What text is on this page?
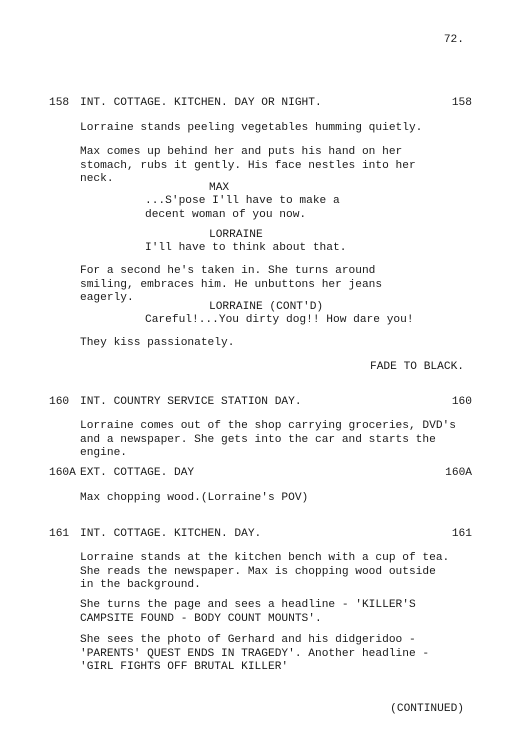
72.
158 INT. COTTAGE. KITCHEN. DAY OR NIGHT.	158
Lorraine stands peeling vegetables humming quietly.
Max comes up behind her and puts his hand on her stomach, rubs it gently. His face nestles into her neck.
MAX
...S'pose I'll have to make a decent woman of you now.
LORRAINE
I'll have to think about that.
For a second he's taken in. She turns around smiling, embraces him. He unbuttons her jeans eagerly.
LORRAINE (CONT'D)
Careful!...You dirty dog!! How dare you!
They kiss passionately.
FADE TO BLACK.
160 INT. COUNTRY SERVICE STATION DAY.	160
Lorraine comes out of the shop carrying groceries, DVD's and a newspaper. She gets into the car and starts the engine.
160A EXT. COTTAGE. DAY	160A
Max chopping wood.(Lorraine's POV)
161 INT. COTTAGE. KITCHEN. DAY.	161
Lorraine stands at the kitchen bench with a cup of tea. She reads the newspaper. Max is chopping wood outside in the background.
She turns the page and sees a headline - 'KILLER'S CAMPSITE FOUND - BODY COUNT MOUNTS'.
She sees the photo of Gerhard and his didgeridoo - 'PARENTS' QUEST ENDS IN TRAGEDY'. Another headline - 'GIRL FIGHTS OFF BRUTAL KILLER'
(CONTINUED)
